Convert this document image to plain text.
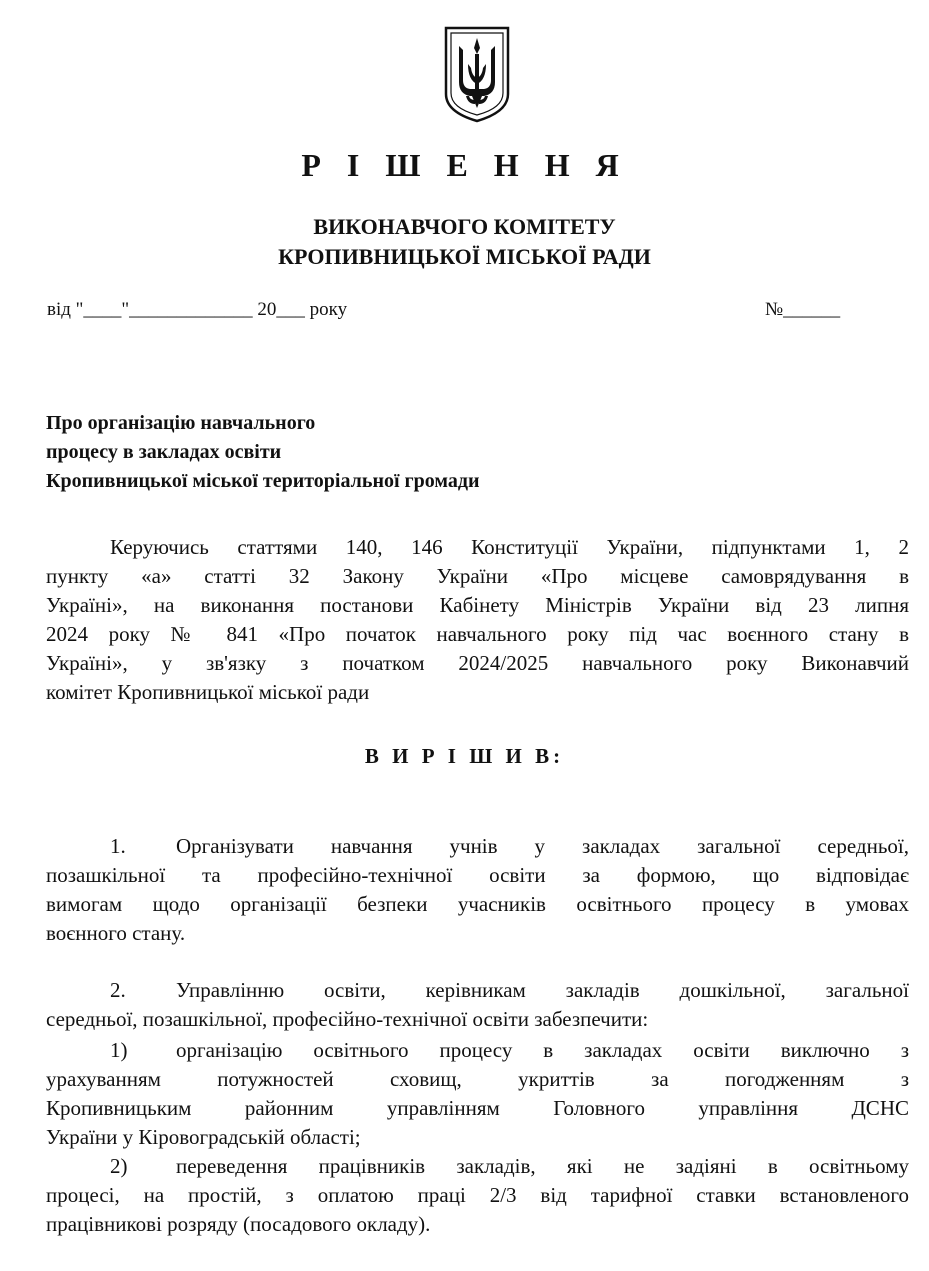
Р І Ш Е Н Н Я
ВИКОНАВЧОГО КОМІТЕТУ
КРОПИВНИЦЬКОЇ МІСЬКОЇ РАДИ
від "____"_____________ 20___ року	№______
Про організацію навчального
процесу в закладах освіти
Кропивницької міської територіальної громади
Керуючись статтями 140, 146 Конституції України, підпунктами 1, 2
пункту «а» статті 32 Закону України «Про місцеве самоврядування в
Україні», на виконання постанови Кабінету Міністрів України від 23 липня
2024 року № 841 «Про початок навчального року під час воєнного стану в
Україні», у зв'язку з початком 2024/2025 навчального року Виконавчий
комітет Кропивницької міської ради
В И Р І Ш И В:
1. Організувати навчання учнів у закладах загальної середньої,
позашкільної та професійно-технічної освіти за формою, що відповідає
вимогам щодо організації безпеки учасників освітнього процесу в умовах
воєнного стану.
2. Управлінню освіти, керівникам закладів дошкільної, загальної
середньої, позашкільної, професійно-технічної освіти забезпечити:
1) організацію освітнього процесу в закладах освіти виключно з
урахуванням потужностей сховищ, укриттів за погодженням з
Кропивницьким районним управлінням Головного управління ДСНС
України у Кіровоградській області;
2) переведення працівників закладів, які не задіяні в освітньому
процесі, на простій, з оплатою праці 2/3 від тарифної ставки встановленого
працівникові розряду (посадового окладу).
